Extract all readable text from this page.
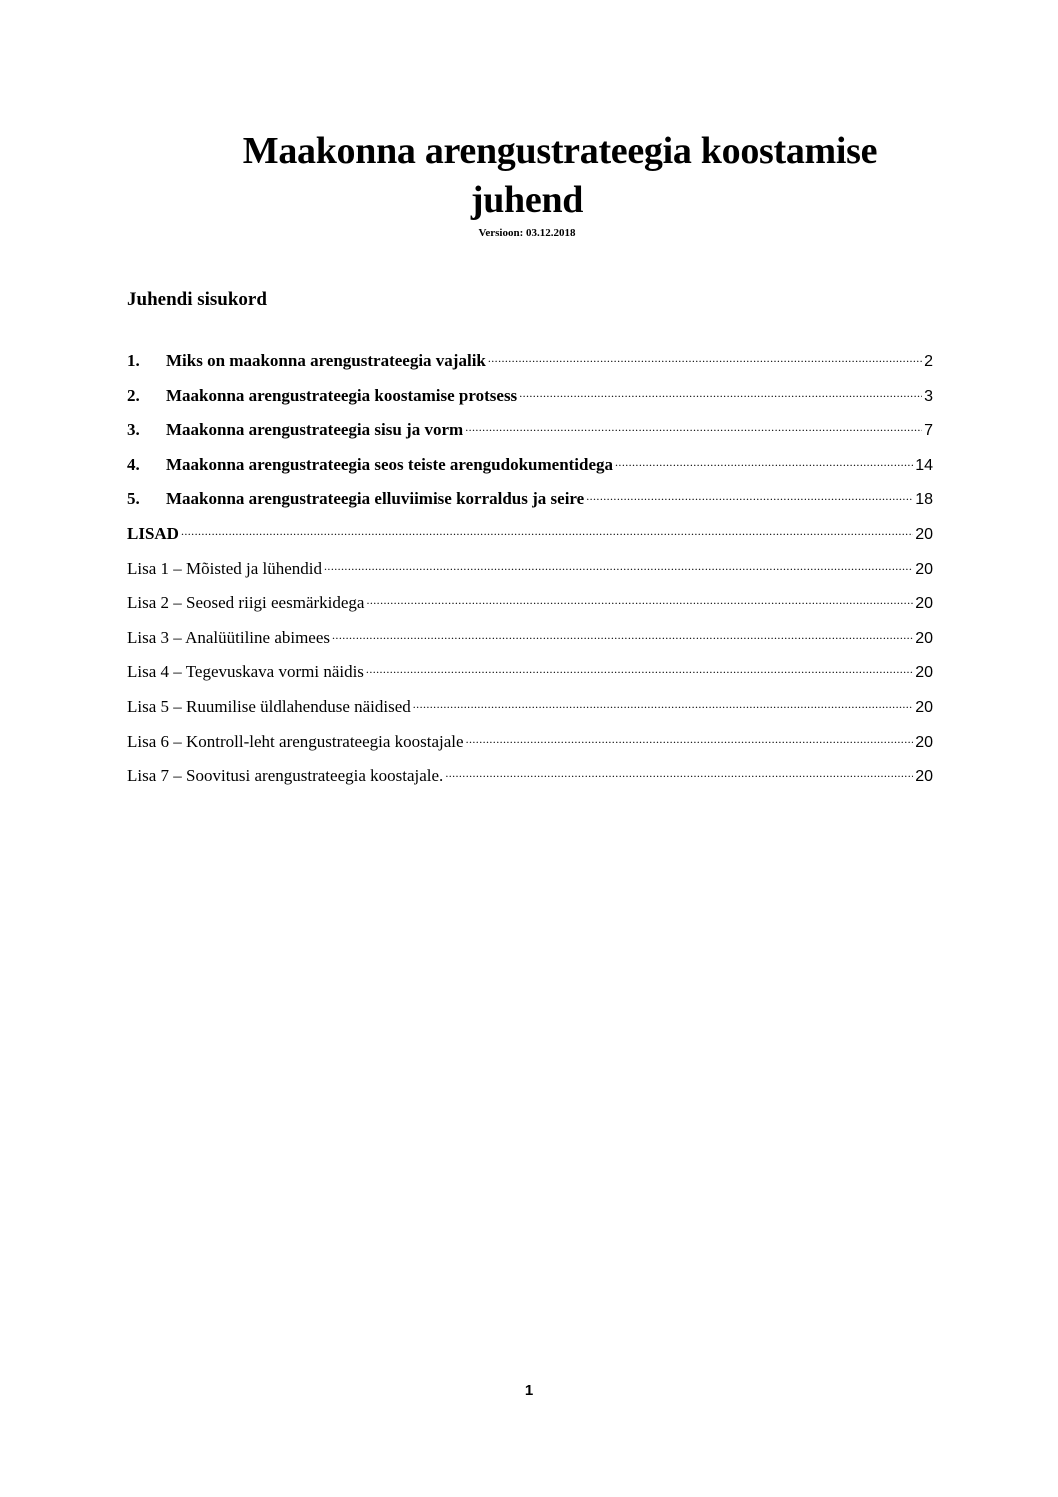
Maakonna arengustrateegia koostamise
juhend
Versioon: 03.12.2018
Juhendi sisukord
1.	Miks on maakonna arengustrateegia vajalik .....	2
2.	Maakonna arengustrateegia koostamise protsess .....	3
3.	Maakonna arengustrateegia sisu ja vorm .....	7
4.	Maakonna arengustrateegia seos teiste arengudokumentidega .....	14
5.	Maakonna arengustrateegia elluviimise korraldus ja seire .....	18
LISAD .....	20
Lisa 1 – Mõisted ja lühendid .....	20
Lisa 2 – Seosed riigi eesmärkidega .....	20
Lisa 3 – Analüütiline abimees .....	20
Lisa 4 – Tegevuskava vormi näidis .....	20
Lisa 5 – Ruumilise üldlahenduse näidised .....	20
Lisa 6 – Kontroll-leht arengustrateegia koostajale .....	20
Lisa 7 – Soovitusi arengustrateegia koostajale. .....	20
1
